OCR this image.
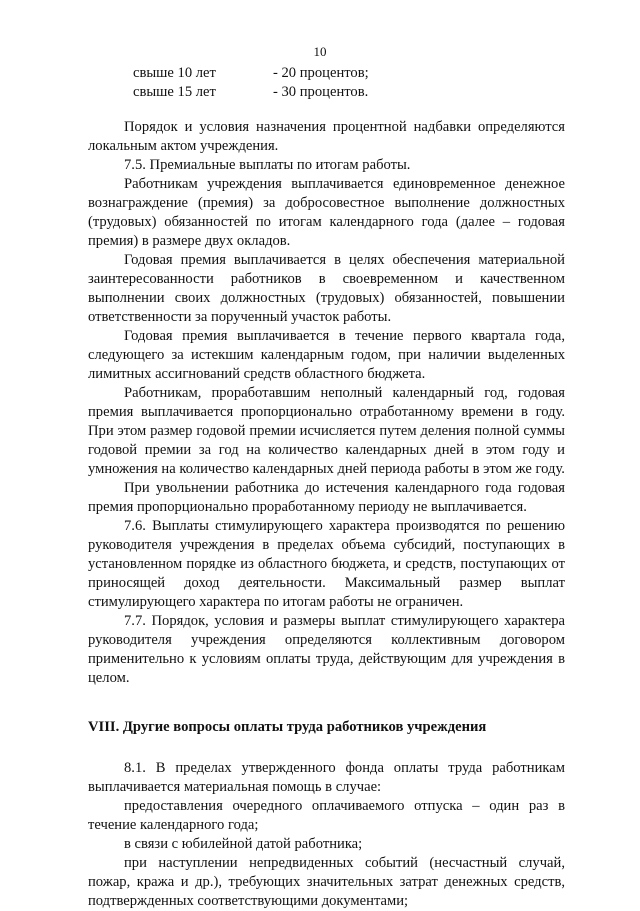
10
свыше 10 лет	- 20 процентов;
свыше 15 лет	- 30 процентов.

Порядок и условия назначения процентной надбавки определяются локальным актом учреждения.

7.5. Премиальные выплаты по итогам работы.

Работникам учреждения выплачивается единовременное денежное вознаграждение (премия) за добросовестное выполнение должностных (трудовых) обязанностей по итогам календарного года (далее – годовая премия) в размере двух окладов.

Годовая премия выплачивается в целях обеспечения материальной заинтересованности работников в своевременном и качественном выполнении своих должностных (трудовых) обязанностей, повышении ответственности за порученный участок работы.

Годовая премия выплачивается в течение первого квартала года, следующего за истекшим календарным годом, при наличии выделенных лимитных ассигнований средств областного бюджета.

Работникам, проработавшим неполный календарный год, годовая премия выплачивается пропорционально отработанному времени в году. При этом размер годовой премии исчисляется путем деления полной суммы годовой премии за год на количество календарных дней в этом году и умножения на количество календарных дней периода работы в этом же году.

При увольнении работника до истечения календарного года годовая премия пропорционально проработанному периоду не выплачивается.

7.6. Выплаты стимулирующего характера производятся по решению руководителя учреждения в пределах объема субсидий, поступающих в установленном порядке из областного бюджета, и средств, поступающих от приносящей доход деятельности. Максимальный размер выплат стимулирующего характера по итогам работы не ограничен.

7.7. Порядок, условия и размеры выплат стимулирующего характера руководителя учреждения определяются коллективным договором применительно к условиям оплаты труда, действующим для учреждения в целом.

VIII. Другие вопросы оплаты труда работников учреждения

8.1. В пределах утвержденного фонда оплаты труда работникам выплачивается материальная помощь в случае:

предоставления очередного оплачиваемого отпуска – один раз в течение календарного года;

в связи с юбилейной датой работника;

при наступлении непредвиденных событий (несчастный случай, пожар, кража и др.), требующих значительных затрат денежных средств, подтвержденных соответствующими документами;
